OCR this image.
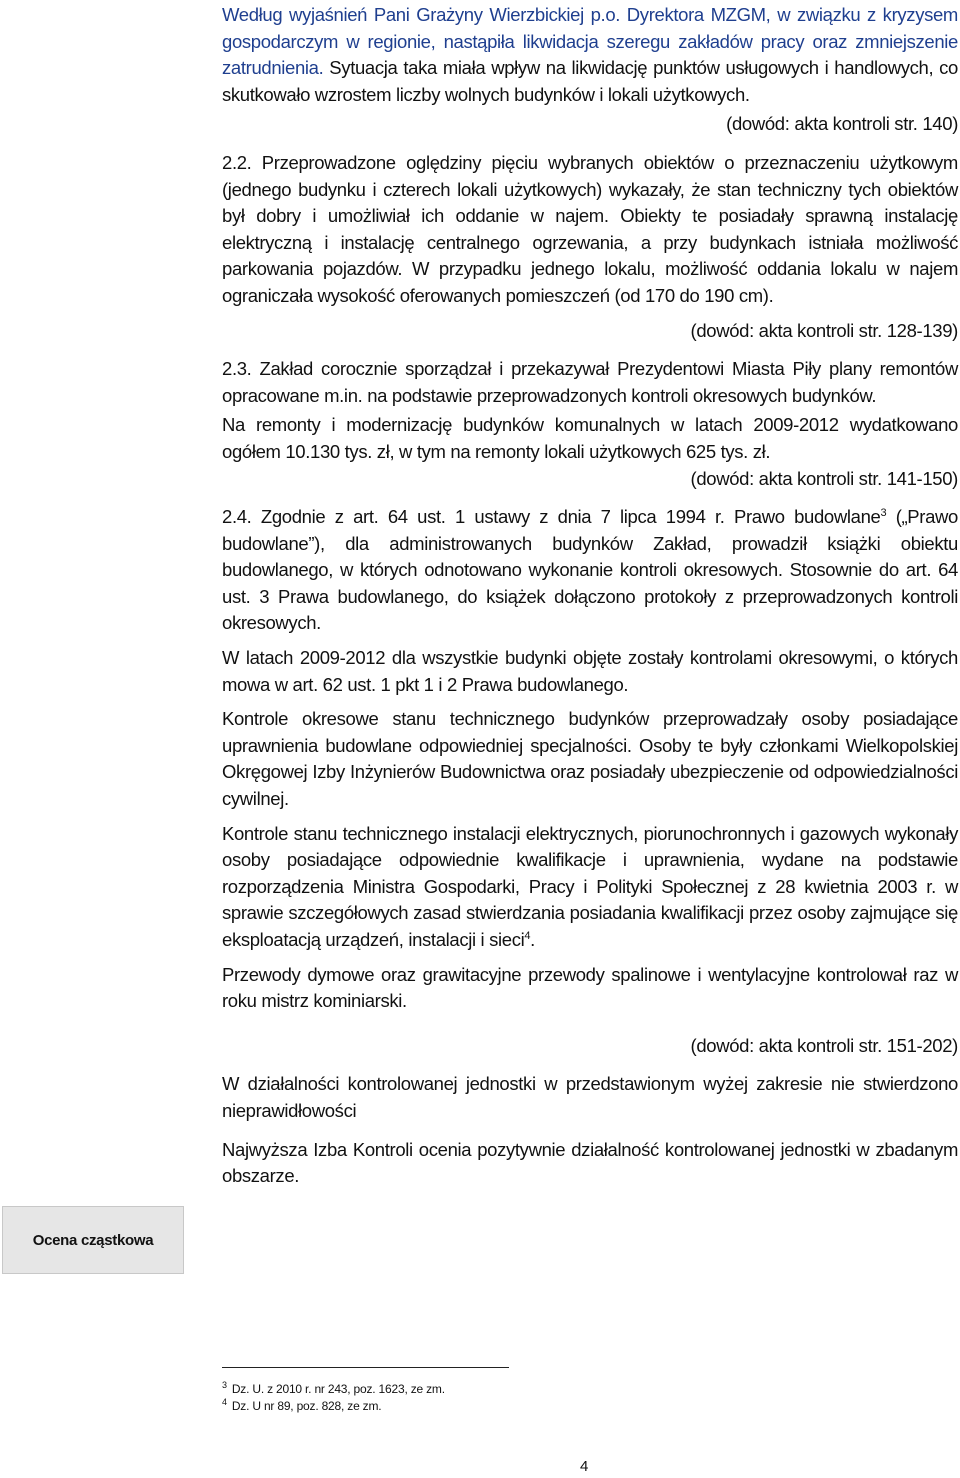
Według wyjaśnień Pani Grażyny Wierzbickiej p.o. Dyrektora MZGM, w związku z kryzysem gospodarczym w regionie, nastąpiła likwidacja szeregu zakładów pracy oraz zmniejszenie zatrudnienia. Sytuacja taka miała wpływ na likwidację punktów usługowych i handlowych, co skutkowało wzrostem liczby wolnych budynków i lokali użytkowych.

(dowód: akta kontroli str. 140)

2.2. Przeprowadzone oględziny pięciu wybranych obiektów o przeznaczeniu użytkowym (jednego budynku i czterech lokali użytkowych) wykazały, że stan techniczny tych obiektów był dobry i umożliwiał ich oddanie w najem. Obiekty te posiadały sprawną instalację elektryczną i instalację centralnego ogrzewania, a przy budynkach istniała możliwość parkowania pojazdów. W przypadku jednego lokalu, możliwość oddania lokalu w najem ograniczała wysokość oferowanych pomieszczeń (od 170 do 190 cm).

(dowód: akta kontroli str. 128-139)

2.3. Zakład corocznie sporządzał i przekazywał Prezydentowi Miasta Piły plany remontów opracowane m.in. na podstawie przeprowadzonych kontroli okresowych budynków.

Na remonty i modernizację budynków komunalnych w latach 2009-2012 wydatkowano ogółem 10.130 tys. zł, w tym na remonty lokali użytkowych 625 tys. zł.

(dowód: akta kontroli str. 141-150)

2.4. Zgodnie z art. 64 ust. 1 ustawy z dnia 7 lipca 1994 r. Prawo budowlane$^3$ („Prawo budowlane”), dla administrowanych budynków Zakład, prowadził książki obiektu budowlanego, w których odnotowano wykonanie kontroli okresowych. Stosownie do art. 64 ust. 3 Prawa budowlanego, do książek dołączono protokoły z przeprowadzonych kontroli okresowych.

W latach 2009-2012 dla wszystkie budynki objęte zostały kontrolami okresowymi, o których mowa w art. 62 ust. 1 pkt 1 i 2 Prawa budowlanego.

Kontrole okresowe stanu technicznego budynków przeprowadzały osoby posiadające uprawnienia budowlane odpowiedniej specjalności. Osoby te były członkami Wielkopolskiej Okręgowej Izby Inżynierów Budownictwa oraz posiadały ubezpieczenie od odpowiedzialności cywilnej.

Kontrole stanu technicznego instalacji elektrycznych, piorunochronnych i gazowych wykonały osoby posiadające odpowiednie kwalifikacje i uprawnienia, wydane na podstawie rozporządzenia Ministra Gospodarki, Pracy i Polityki Społecznej z 28 kwietnia 2003 r. w sprawie szczegółowych zasad stwierdzania posiadania kwalifikacji przez osoby zajmujące się eksploatacją urządzeń, instalacji i sieci$^4$.

Przewody dymowe oraz grawitacyjne przewody spalinowe i wentylacyjne kontrolował raz w roku mistrz kominiarski.

(dowód: akta kontroli str. 151-202)

W działalności kontrolowanej jednostki w przedstawionym wyżej zakresie nie stwierdzono nieprawidłowości

Najwyższa Izba Kontroli ocenia pozytywnie działalność kontrolowanej jednostki w zbadanym obszarze.

Ocena cząstkowa
$^3$ Dz. U. z 2010 r. nr 243, poz. 1623, ze zm.
$^4$ Dz. U nr 89, poz. 828, ze zm.
4
